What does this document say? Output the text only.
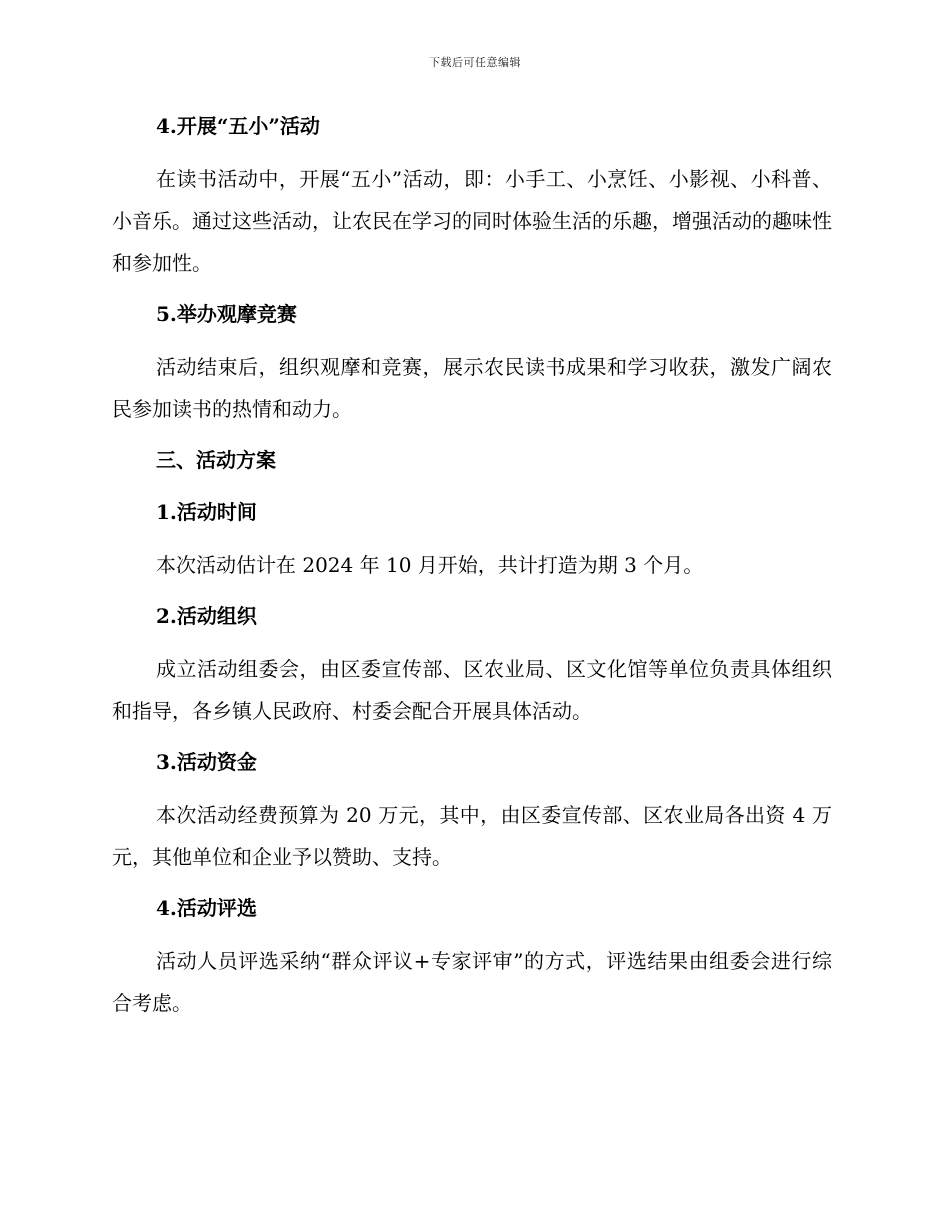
下载后可任意编辑
4.开展“五小”活动

在读书活动中，开展“五小”活动，即：小手工、小烹饪、小影视、小科普、小音乐。通过这些活动，让农民在学习的同时体验生活的乐趣，增强活动的趣味性和参加性。

5.举办观摩竞赛

活动结束后，组织观摩和竞赛，展示农民读书成果和学习收获，激发广阔农民参加读书的热情和动力。

三、活动方案
1.活动时间

本次活动估计在 2024 年 10 月开始，共计打造为期 3 个月。

2.活动组织

成立活动组委会，由区委宣传部、区农业局、区文化馆等单位负责具体组织和指导，各乡镇人民政府、村委会配合开展具体活动。

3.活动资金

本次活动经费预算为 20 万元，其中，由区委宣传部、区农业局各出资 4 万元，其他单位和企业予以赞助、支持。

4.活动评选

活动人员评选采纳“群众评议+专家评审”的方式，评选结果由组委会进行综合考虑。
